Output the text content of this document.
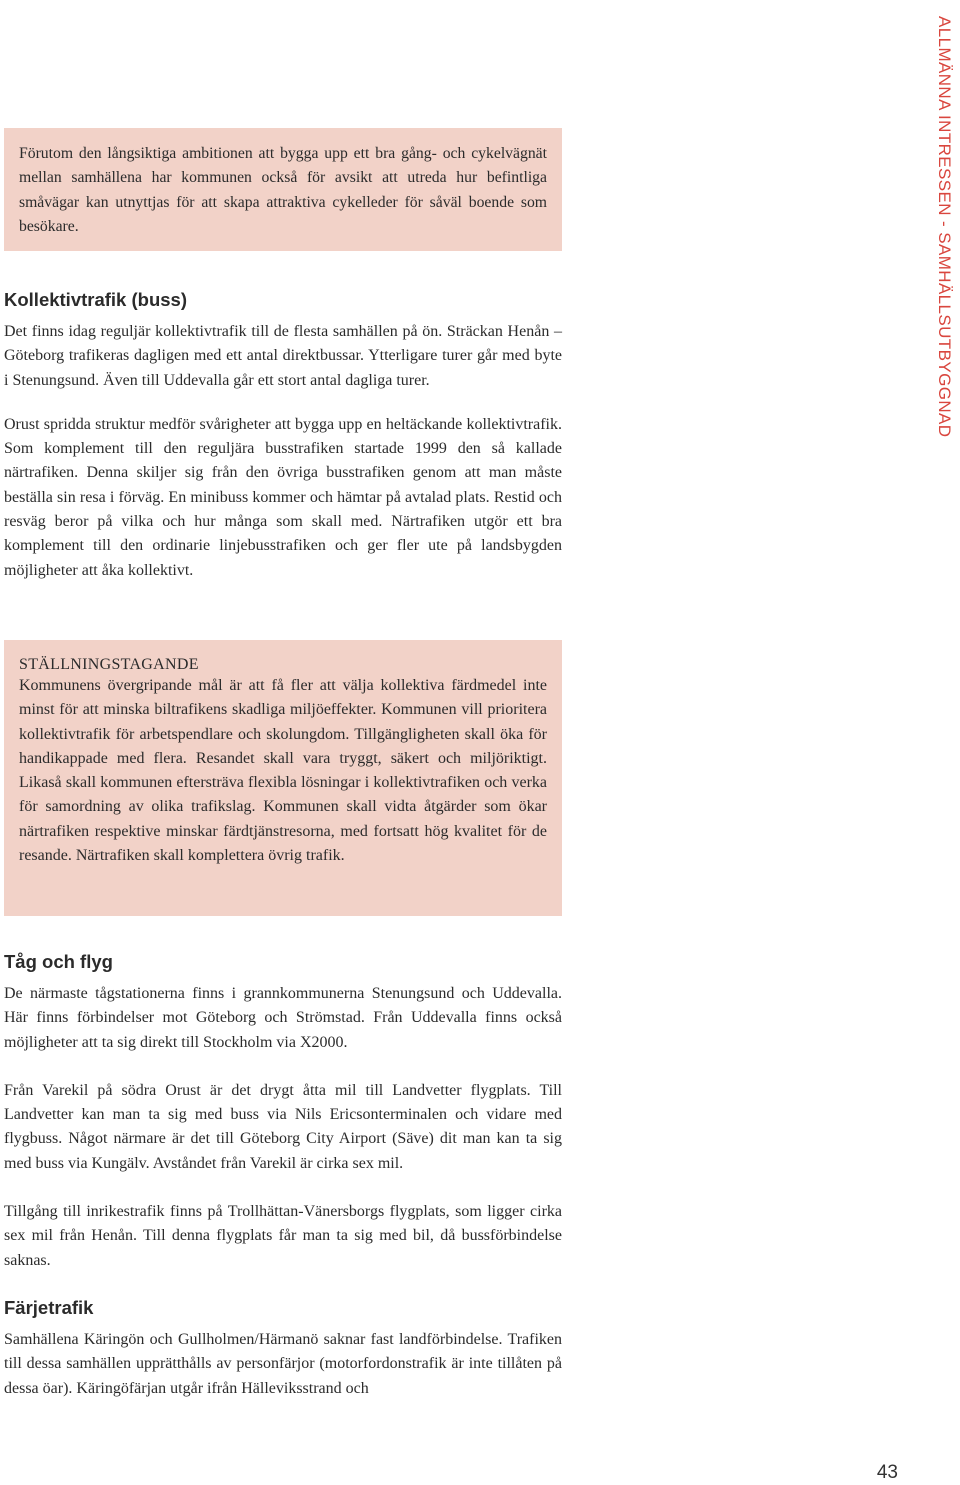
Förutom den långsiktiga ambitionen att bygga upp ett bra gång- och cykelvägnät mellan samhällena har kommunen också för avsikt att utreda hur befintliga småvägar kan utnyttjas för att skapa attraktiva cykelleder för såväl boende som besökare.

Kollektivtrafik (buss)

Det finns idag reguljär kollektivtrafik till de flesta samhällen på ön. Sträckan Henån – Göteborg trafikeras dagligen med ett antal direktbussar. Ytterligare turer går med byte i Stenungsund. Även till Uddevalla går ett stort antal dagliga turer.

Orust spridda struktur medför svårigheter att bygga upp en heltäckande kollektivtrafik. Som komplement till den reguljära busstrafiken startade 1999 den så kallade närtrafiken. Denna skiljer sig från den övriga busstrafiken genom att man måste beställa sin resa i förväg. En minibuss kommer och hämtar på avtalad plats. Restid och resväg beror på vilka och hur många som skall med. Närtrafiken utgör ett bra komplement till den ordinarie linjebusstrafiken och ger fler ute på landsbygden möjligheter att åka kollektivt.

STÄLLNINGSTAGANDE

Kommunens övergripande mål är att få fler att välja kollektiva färdmedel inte minst för att minska biltrafikens skadliga miljöeffekter. Kommunen vill prioritera kollektivtrafik för arbetspendlare och skolungdom. Tillgängligheten skall öka för handikappade med flera. Resandet skall vara tryggt, säkert och miljöriktigt. Likaså skall kommunen eftersträva flexibla lösningar i kollektivtrafiken och verka för samordning av olika trafikslag. Kommunen skall vidta åtgärder som ökar närtrafiken respektive minskar färdtjänstresorna, med fortsatt hög kvalitet för de resande. Närtrafiken skall komplettera övrig trafik.

Tåg och flyg

De närmaste tågstationerna finns i grannkommunerna Stenungsund och Uddevalla. Här finns förbindelser mot Göteborg och Strömstad. Från Uddevalla finns också möjligheter att ta sig direkt till Stockholm via X2000.

Från Varekil på södra Orust är det drygt åtta mil till Landvetter flygplats. Till Landvetter kan man ta sig med buss via Nils Ericsonterminalen och vidare med flygbuss. Något närmare är det till Göteborg City Airport (Säve) dit man kan ta sig med buss via Kungälv. Avståndet från Varekil är cirka sex mil.

Tillgång till inrikestrafik finns på Trollhättan-Vänersborgs flygplats, som ligger cirka sex mil från Henån. Till denna flygplats får man ta sig med bil, då bussförbindelse saknas.

Färjetrafik

Samhällena Käringön och Gullholmen/Härmanö saknar fast landförbindelse. Trafiken till dessa samhällen upprätthålls av personfärjor (motorfordonstrafik är inte tillåten på dessa öar). Käringöfärjan utgår ifrån Hälleviksstrand och

ALLMÄNNA INTRESSEN - SAMHÄLLSUTBYGGNAD
43
